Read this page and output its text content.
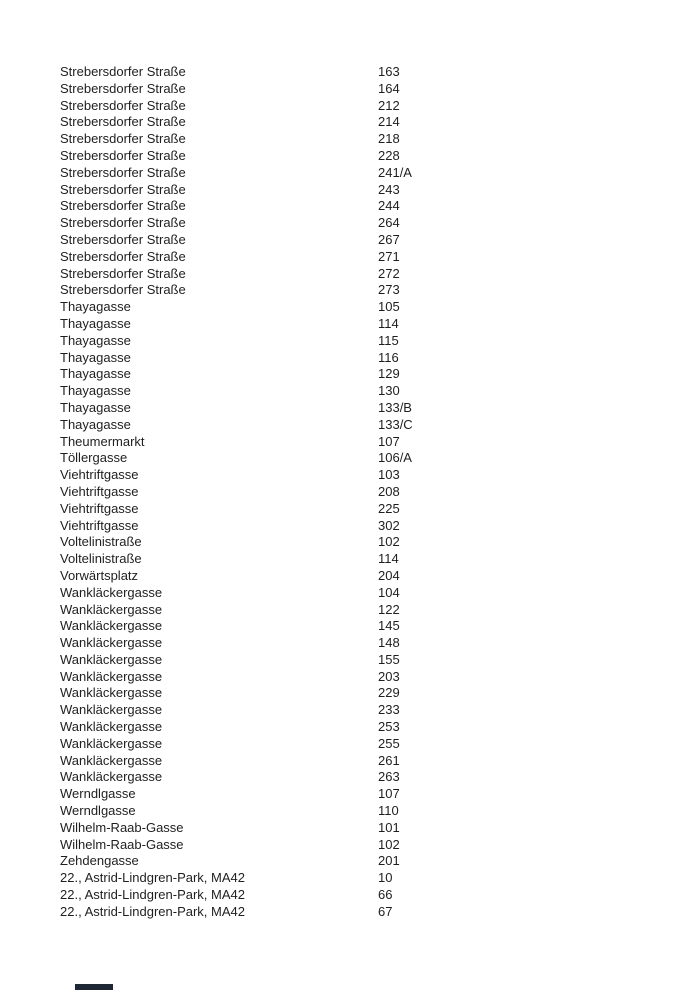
Strebersdorfer Straße	163
Strebersdorfer Straße	164
Strebersdorfer Straße	212
Strebersdorfer Straße	214
Strebersdorfer Straße	218
Strebersdorfer Straße	228
Strebersdorfer Straße	241/A
Strebersdorfer Straße	243
Strebersdorfer Straße	244
Strebersdorfer Straße	264
Strebersdorfer Straße	267
Strebersdorfer Straße	271
Strebersdorfer Straße	272
Strebersdorfer Straße	273
Thayagasse	105
Thayagasse	114
Thayagasse	115
Thayagasse	116
Thayagasse	129
Thayagasse	130
Thayagasse	133/B
Thayagasse	133/C
Theumermarkt	107
Töllergasse	106/A
Viehtriftgasse	103
Viehtriftgasse	208
Viehtriftgasse	225
Viehtriftgasse	302
Voltelinistraße	102
Voltelinistraße	114
Vorwärtsplatz	204
Wankläckergasse	104
Wankläckergasse	122
Wankläckergasse	145
Wankläckergasse	148
Wankläckergasse	155
Wankläckergasse	203
Wankläckergasse	229
Wankläckergasse	233
Wankläckergasse	253
Wankläckergasse	255
Wankläckergasse	261
Wankläckergasse	263
Werndlgasse	107
Werndlgasse	110
Wilhelm-Raab-Gasse	101
Wilhelm-Raab-Gasse	102
Zehdengasse	201
22., Astrid-Lindgren-Park, MA42	10
22., Astrid-Lindgren-Park, MA42	66
22., Astrid-Lindgren-Park, MA42	67
